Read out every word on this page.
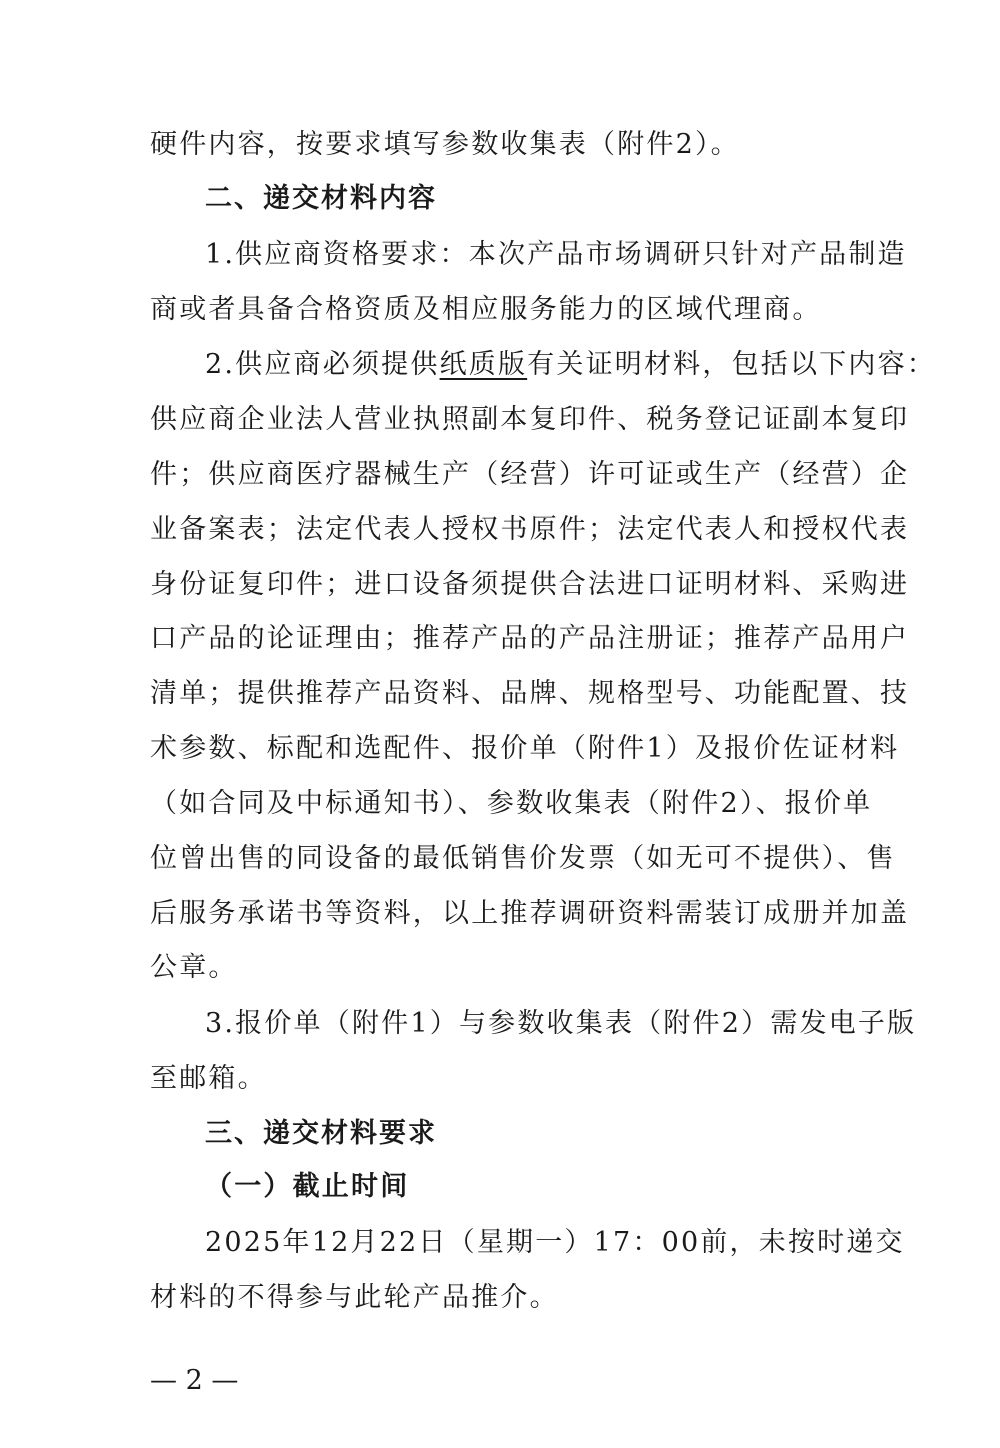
硬件内容，按要求填写参数收集表（附件2）。
二、递交材料内容
1.供应商资格要求：本次产品市场调研只针对产品制造
商或者具备合格资质及相应服务能力的区域代理商。
2.供应商必须提供纸质版有关证明材料，包括以下内容：
供应商企业法人营业执照副本复印件、税务登记证副本复印
件；供应商医疗器械生产（经营）许可证或生产（经营）企
业备案表；法定代表人授权书原件；法定代表人和授权代表
身份证复印件；进口设备须提供合法进口证明材料、采购进
口产品的论证理由；推荐产品的产品注册证；推荐产品用户
清单；提供推荐产品资料、品牌、规格型号、功能配置、技
术参数、标配和选配件、报价单（附件1）及报价佐证材料
（如合同及中标通知书）、参数收集表（附件2）、报价单
位曾出售的同设备的最低销售价发票（如无可不提供）、售
后服务承诺书等资料，以上推荐调研资料需装订成册并加盖
公章。
3.报价单（附件1）与参数收集表（附件2）需发电子版
至邮箱。
三、递交材料要求
（一）截止时间
2025年12月22日（星期一）17：00前，未按时递交
材料的不得参与此轮产品推介。
— 2 —
